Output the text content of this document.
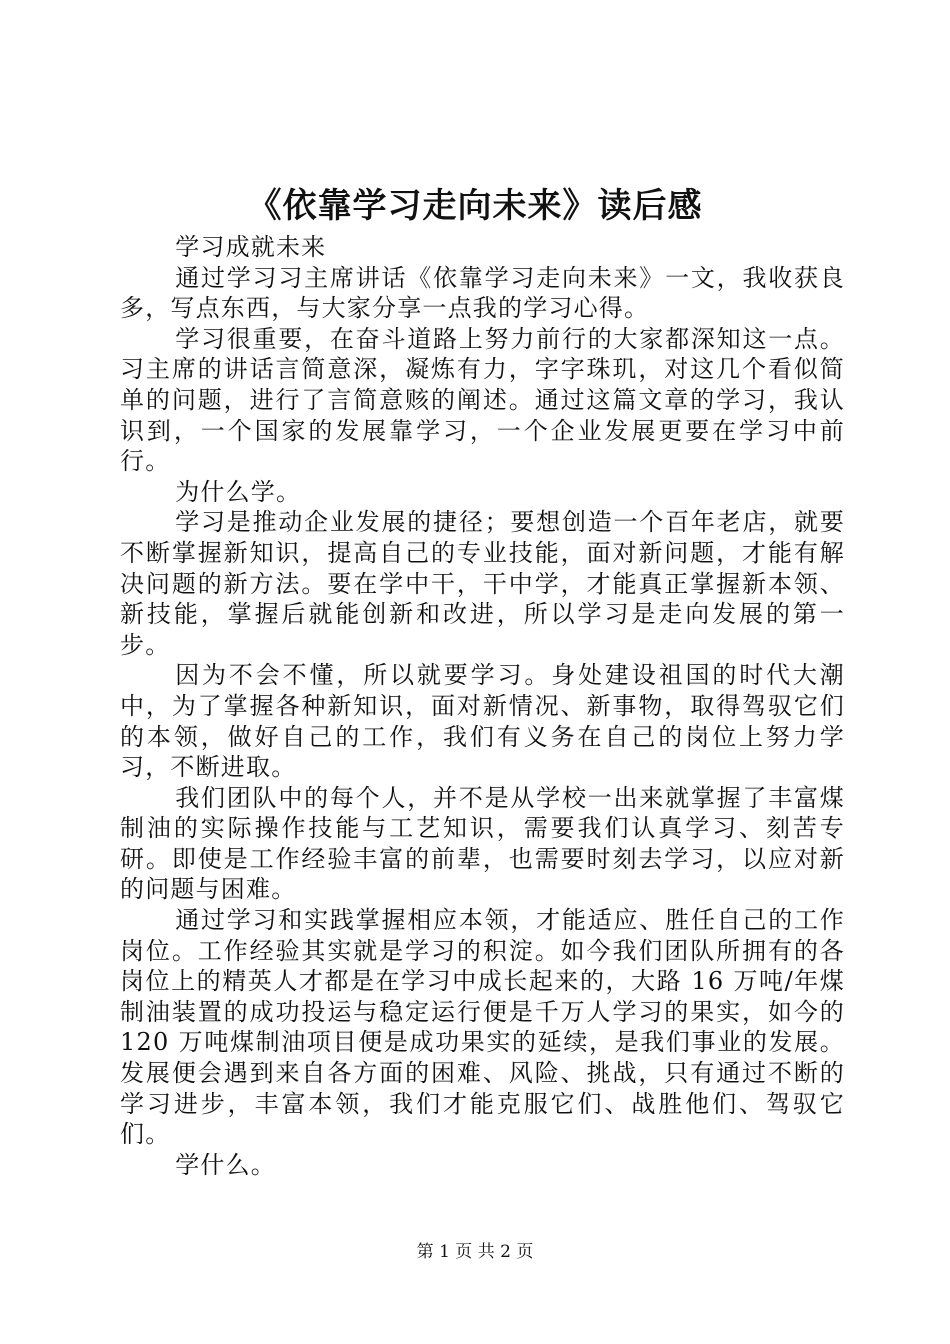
《依靠学习走向未来》读后感

学习成就未来

通过学习习主席讲话《依靠学习走向未来》一文，我收获良多，写点东西，与大家分享一点我的学习心得。

学习很重要，在奋斗道路上努力前行的大家都深知这一点。习主席的讲话言简意深，凝炼有力，字字珠玑，对这几个看似简单的问题，进行了言简意赅的阐述。通过这篇文章的学习，我认识到，一个国家的发展靠学习，一个企业发展更要在学习中前行。

为什么学。

学习是推动企业发展的捷径；要想创造一个百年老店，就要不断掌握新知识，提高自己的专业技能，面对新问题，才能有解决问题的新方法。要在学中干，干中学，才能真正掌握新本领、新技能，掌握后就能创新和改进，所以学习是走向发展的第一步。

因为不会不懂，所以就要学习。身处建设祖国的时代大潮中，为了掌握各种新知识，面对新情况、新事物，取得驾驭它们的本领，做好自己的工作，我们有义务在自己的岗位上努力学习，不断进取。

我们团队中的每个人，并不是从学校一出来就掌握了丰富煤制油的实际操作技能与工艺知识，需要我们认真学习、刻苦专研。即使是工作经验丰富的前辈，也需要时刻去学习，以应对新的问题与困难。

通过学习和实践掌握相应本领，才能适应、胜任自己的工作岗位。工作经验其实就是学习的积淀。如今我们团队所拥有的各岗位上的精英人才都是在学习中成长起来的，大路 16 万吨/年煤制油装置的成功投运与稳定运行便是千万人学习的果实，如今的 120 万吨煤制油项目便是成功果实的延续，是我们事业的发展。发展便会遇到来自各方面的困难、风险、挑战，只有通过不断的学习进步，丰富本领，我们才能克服它们、战胜他们、驾驭它们。

学什么。

第 1 页 共 2 页
